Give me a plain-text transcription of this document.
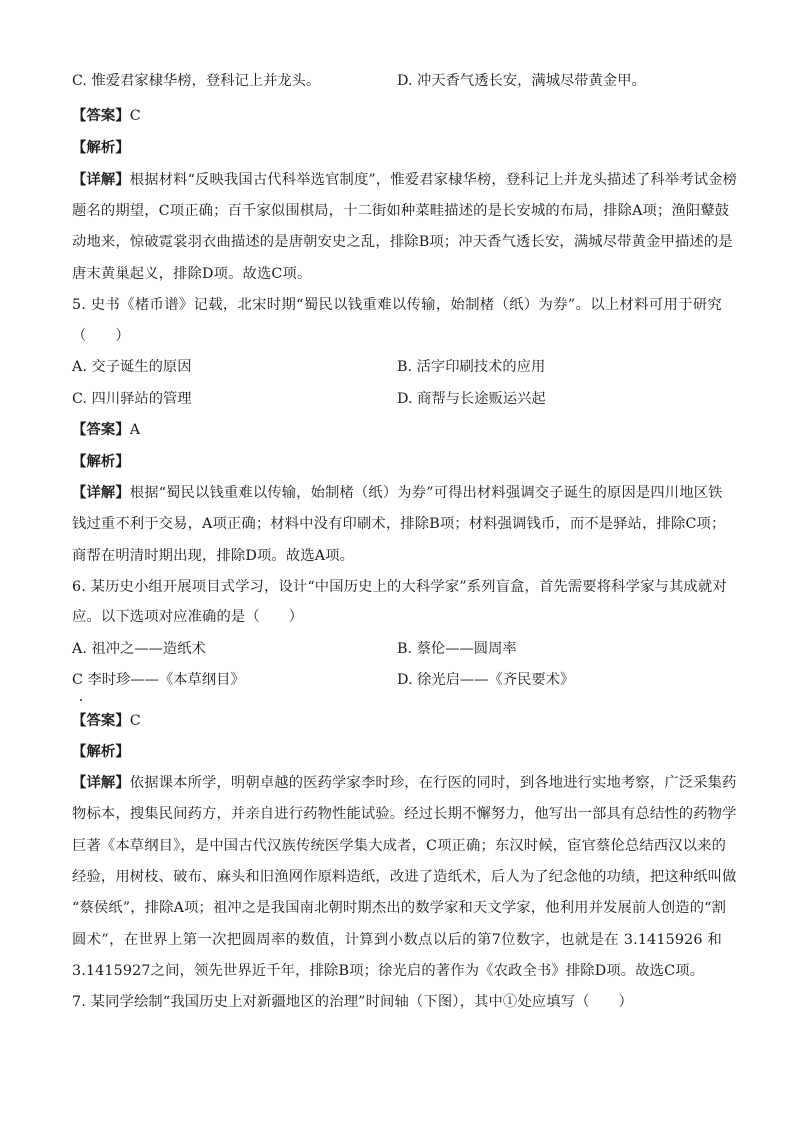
C. 惟爱君家棣华榜，登科记上并龙头。	D. 冲天香气透长安，满城尽带黄金甲。
【答案】C
【解析】
【详解】根据材料“反映我国古代科举选官制度”，惟爱君家棣华榜，登科记上并龙头描述了科举考试金榜
题名的期望，C项正确；百千家似围棋局，十二街如种菜畦描述的是长安城的布局，排除A项；渔阳鼙鼓
动地来，惊破霓裳羽衣曲描述的是唐朝安史之乱，排除B项；冲天香气透长安，满城尽带黄金甲描述的是
唐末黄巢起义，排除D项。故选C项。
5. 史书《楮币谱》记载，北宋时期“蜀民以钱重难以传输，始制楮（纸）为券”。以上材料可用于研究
（　　）
A. 交子诞生的原因	B. 活字印刷技术的应用
C. 四川驿站的管理	D. 商帮与长途贩运兴起
【答案】A
【解析】
【详解】根据“蜀民以钱重难以传输，始制楮（纸）为券”可得出材料强调交子诞生的原因是四川地区铁
钱过重不利于交易，A项正确；材料中没有印刷术，排除B项；材料强调钱币，而不是驿站，排除C项；
商帮在明清时期出现，排除D项。故选A项。
6. 某历史小组开展项目式学习，设计“中国历史上的大科学家”系列盲盒，首先需要将科学家与其成就对
应。以下选项对应准确的是（　　）
A. 祖冲之——造纸术	B. 蔡伦——圆周率
C 李时珍——《本草纲目》	D. 徐光启——《齐民要术》
【答案】C
【解析】
【详解】依据课本所学，明朝卓越的医药学家李时珍，在行医的同时，到各地进行实地考察，广泛采集药
物标本，搜集民间药方，并亲自进行药物性能试验。经过长期不懈努力，他写出一部具有总结性的药物学
巨著《本草纲目》，是中国古代汉族传统医学集大成者，C项正确；东汉时候，宦官蔡伦总结西汉以来的
经验，用树枝、破布、麻头和旧渔网作原料造纸，改进了造纸术，后人为了纪念他的功绩，把这种纸叫做
“蔡侯纸”，排除A项；祖冲之是我国南北朝时期杰出的数学家和天文学家，他利用并发展前人创造的“割
圆术”，在世界上第一次把圆周率的数值，计算到小数点以后的第7位数字，也就是在 3.1415926 和
3.1415927之间，领先世界近千年，排除B项；徐光启的著作为《农政全书》排除D项。故选C项。
7. 某同学绘制“我国历史上对新疆地区的治理”时间轴（下图），其中①处应填写（　　）
